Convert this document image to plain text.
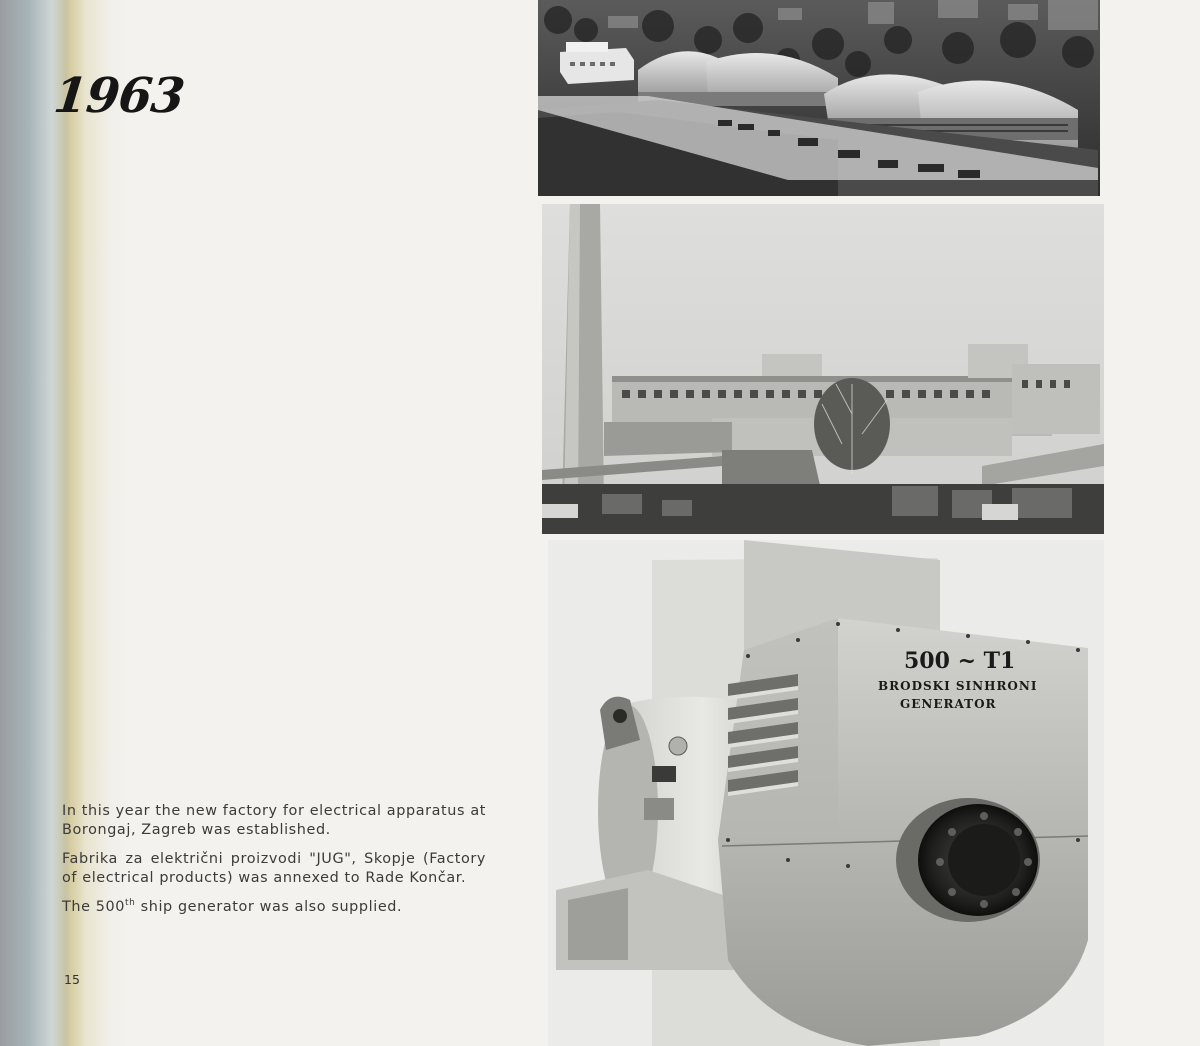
1963
500 ~ T1
BRODSKI SINHRONI
GENERATOR

In this year the new factory for electrical apparatus at Borongaj, Zagreb was established.

Fabrika za električni proizvodi "JUG", Skopje (Factory of electrical products) was annexed to Rade Končar.

The 500th ship generator was also supplied.

15
